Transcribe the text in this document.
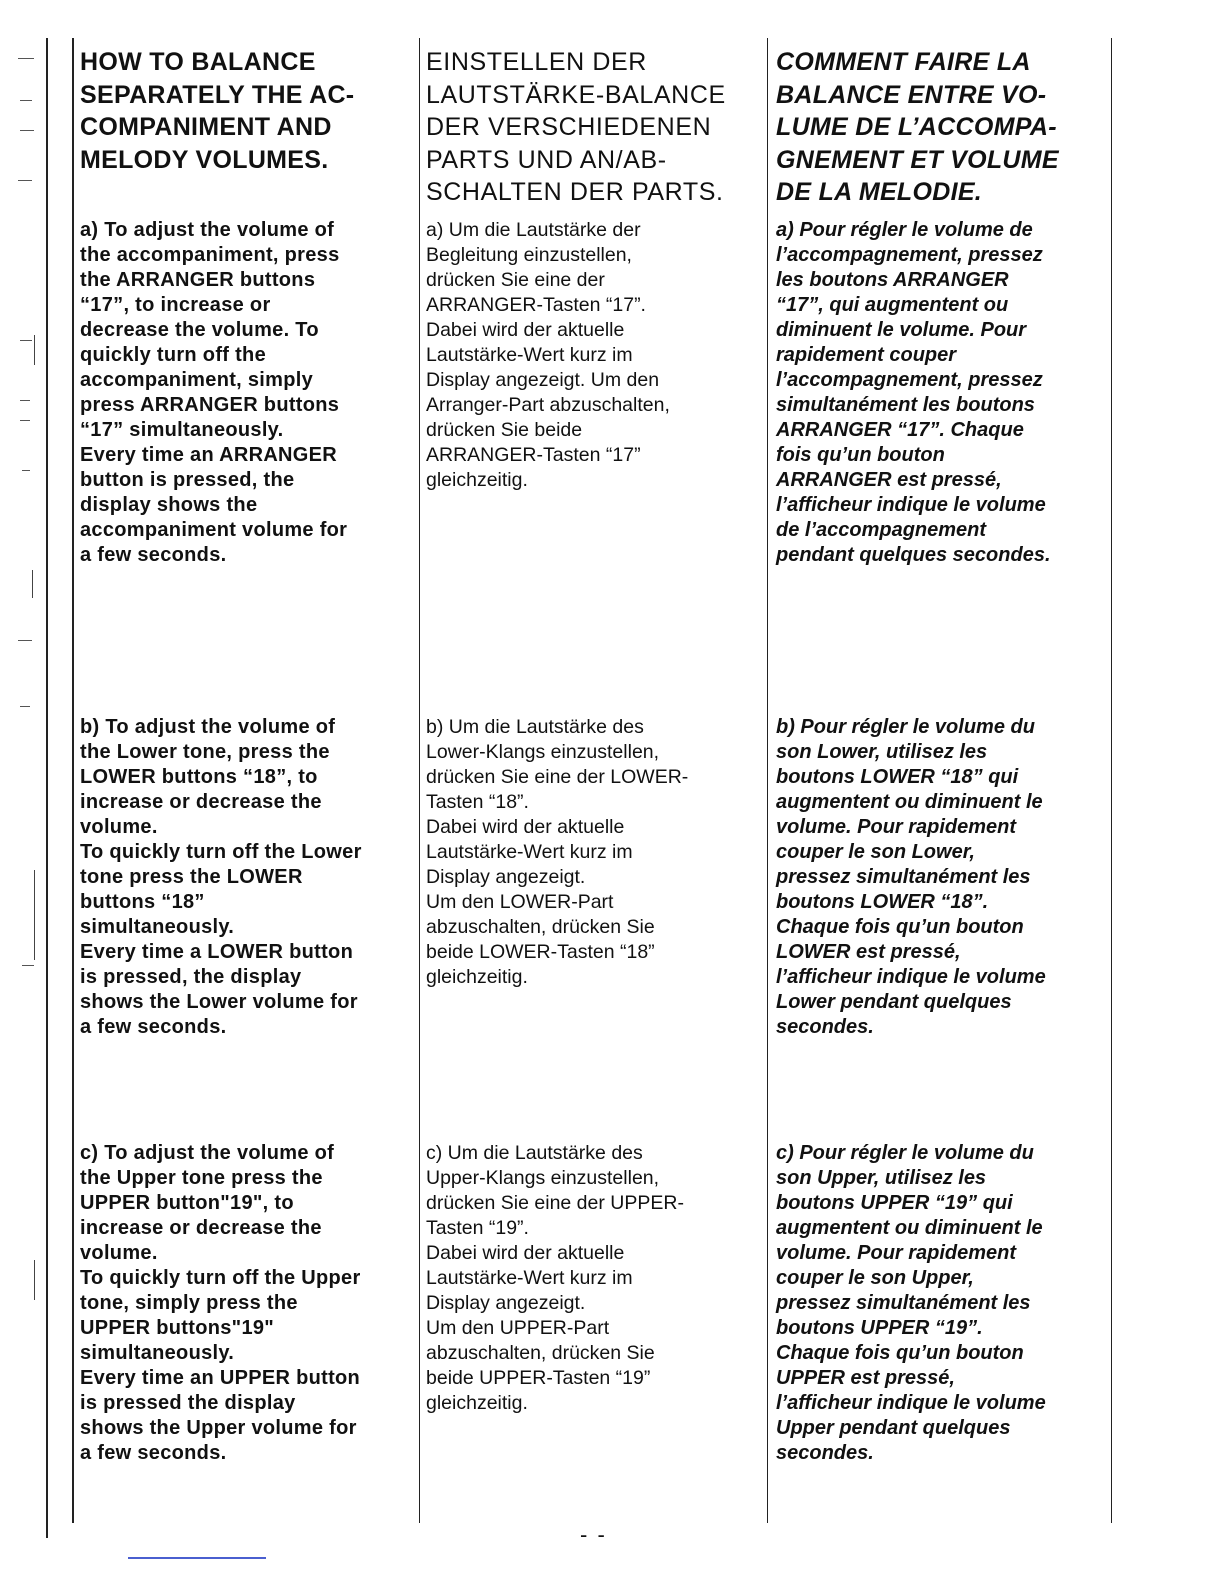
HOW TO BALANCE
SEPARATELY THE AC-
COMPANIMENT AND
MELODY VOLUMES.
a) To adjust the volume of
the accompaniment, press
the ARRANGER buttons
“17”, to increase or
decrease the volume. To
quickly turn off the
accompaniment, simply
press ARRANGER buttons
“17” simultaneously.
Every time an ARRANGER
button is pressed, the
display shows the
accompaniment volume for
a few seconds.
b) To adjust the volume of
the Lower tone, press the
LOWER buttons “18”, to
increase or decrease the
volume.
To quickly turn off the Lower
tone press the LOWER
buttons “18”
simultaneously.
Every time a LOWER button
is pressed, the display
shows the Lower volume for
a few seconds.
c) To adjust the volume of
the Upper tone press the
UPPER button"19", to
increase or decrease the
volume.
To quickly turn off the Upper
tone, simply press the
UPPER buttons"19"
simultaneously.
Every time an UPPER button
is pressed the display
shows the Upper volume for
a few seconds.
EINSTELLEN DER
LAUTSTÄRKE-BALANCE
DER VERSCHIEDENEN
PARTS UND AN/AB-
SCHALTEN DER PARTS.
a) Um die Lautstärke der
Begleitung einzustellen,
drücken Sie eine der
ARRANGER-Tasten “17”.
Dabei wird der aktuelle
Lautstärke-Wert kurz im
Display angezeigt. Um den
Arranger-Part abzuschalten,
drücken Sie beide
ARRANGER-Tasten “17”
gleichzeitig.
b) Um die Lautstärke des
Lower-Klangs einzustellen,
drücken Sie eine der LOWER-
Tasten “18”.
Dabei wird der aktuelle
Lautstärke-Wert kurz im
Display angezeigt.
Um den LOWER-Part
abzuschalten, drücken Sie
beide LOWER-Tasten “18”
gleichzeitig.
c) Um die Lautstärke des
Upper-Klangs einzustellen,
drücken Sie eine der UPPER-
Tasten “19”.
Dabei wird der aktuelle
Lautstärke-Wert kurz im
Display angezeigt.
Um den UPPER-Part
abzuschalten, drücken Sie
beide UPPER-Tasten “19”
gleichzeitig.
COMMENT FAIRE LA
BALANCE ENTRE VO-
LUME DE L’ACCOMPA-
GNEMENT ET VOLUME
DE LA MELODIE.
a) Pour régler le volume de
l’accompagnement, pressez
les boutons ARRANGER
“17”, qui augmentent ou
diminuent le volume. Pour
rapidement couper
l’accompagnement, pressez
simultanément les boutons
ARRANGER “17”. Chaque
fois qu’un bouton
ARRANGER est pressé,
l’afficheur indique le volume
de l’accompagnement
pendant quelques secondes.
b) Pour régler le volume du
son Lower, utilisez les
boutons LOWER “18” qui
augmentent ou diminuent le
volume. Pour rapidement
couper le son Lower,
pressez simultanément les
boutons LOWER “18”.
Chaque fois qu’un bouton
LOWER est pressé,
l’afficheur indique le volume
Lower pendant quelques
secondes.
c) Pour régler le volume du
son Upper, utilisez les
boutons UPPER “19” qui
augmentent ou diminuent le
volume. Pour rapidement
couper le son Upper,
pressez simultanément les
boutons UPPER “19”.
Chaque fois qu’un bouton
UPPER est pressé,
l’afficheur indique le volume
Upper pendant quelques
secondes.
- -
